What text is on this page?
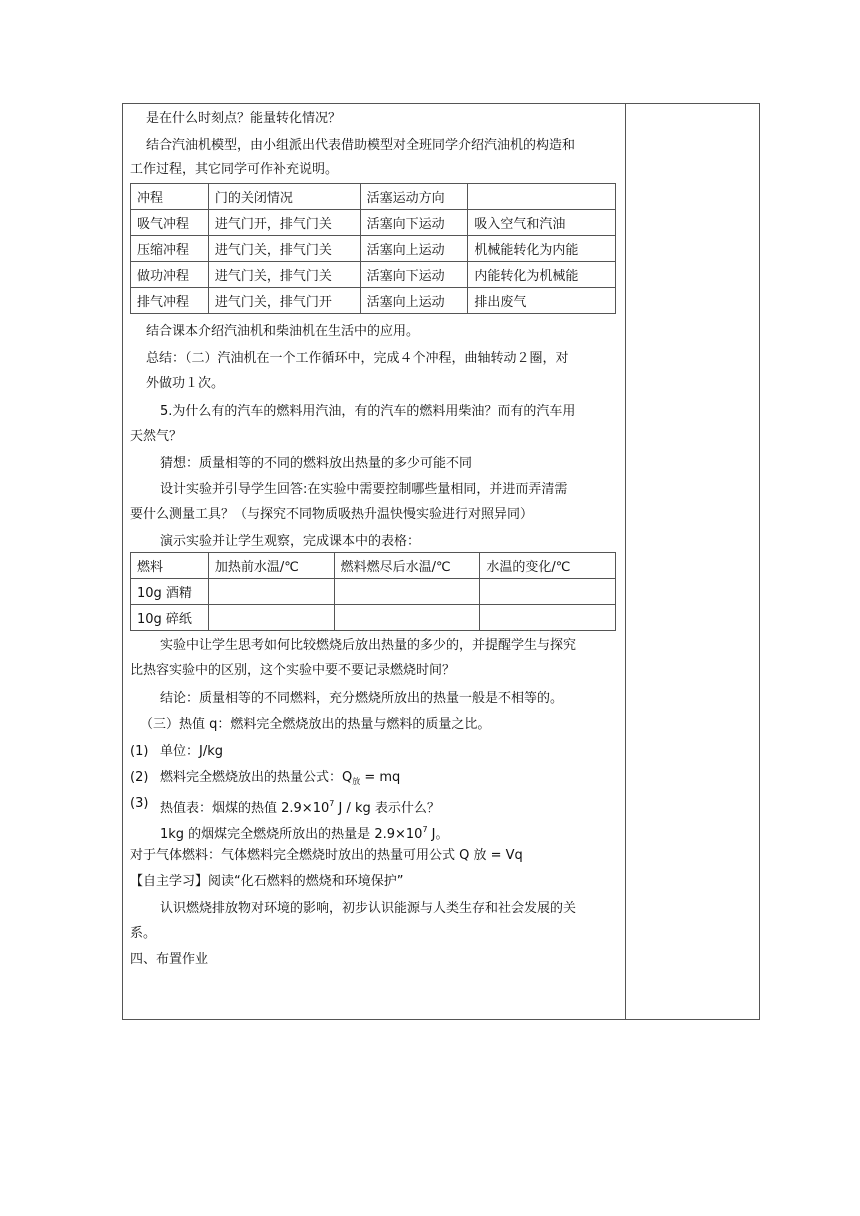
是在什么时刻点？能量转化情况？
结合汽油机模型，由小组派出代表借助模型对全班同学介绍汽油机的构造和
工作过程，其它同学可作补充说明。
冲程	门的关闭情况	活塞运动方向	
吸气冲程	进气门开，排气门关	活塞向下运动	吸入空气和汽油
压缩冲程	进气门关，排气门关	活塞向上运动	机械能转化为内能
做功冲程	进气门关，排气门关	活塞向下运动	内能转化为机械能
排气冲程	进气门关，排气门开	活塞向上运动	排出废气
结合课本介绍汽油机和柴油机在生活中的应用。
总结：（二）汽油机在一个工作循环中，完成４个冲程，曲轴转动２圈，对
外做功１次。
5.为什么有的汽车的燃料用汽油，有的汽车的燃料用柴油？而有的汽车用
天然气？
猜想：质量相等的不同的燃料放出热量的多少可能不同
设计实验并引导学生回答:在实验中需要控制哪些量相同，并进而弄清需
要什么测量工具？（与探究不同物质吸热升温快慢实验进行对照异同）
演示实验并让学生观察，完成课本中的表格：
燃料	加热前水温/℃	燃料燃尽后水温/℃	水温的变化/℃
10g 酒精			
10g 碎纸			
实验中让学生思考如何比较燃烧后放出热量的多少的，并提醒学生与探究
比热容实验中的区别，这个实验中要不要记录燃烧时间？
结论：质量相等的不同燃料，充分燃烧所放出的热量一般是不相等的。
（三）热值 q：燃料完全燃烧放出的热量与燃料的质量之比。
(1) 单位：J/kg
(2) 燃料完全燃烧放出的热量公式：$Q_放$ = mq
(3) 热值表：烟煤的热值 $2.9\times 10^7$ J / kg 表示什么？
1kg 的烟煤完全燃烧所放出的热量是 $2.9\times 10^7$ J。
对于气体燃料：气体燃料完全燃烧时放出的热量可用公式 Q 放 = Vq
【自主学习】阅读“化石燃料的燃烧和环境保护”
认识燃烧排放物对环境的影响，初步认识能源与人类生存和社会发展的关
系。
四、布置作业
